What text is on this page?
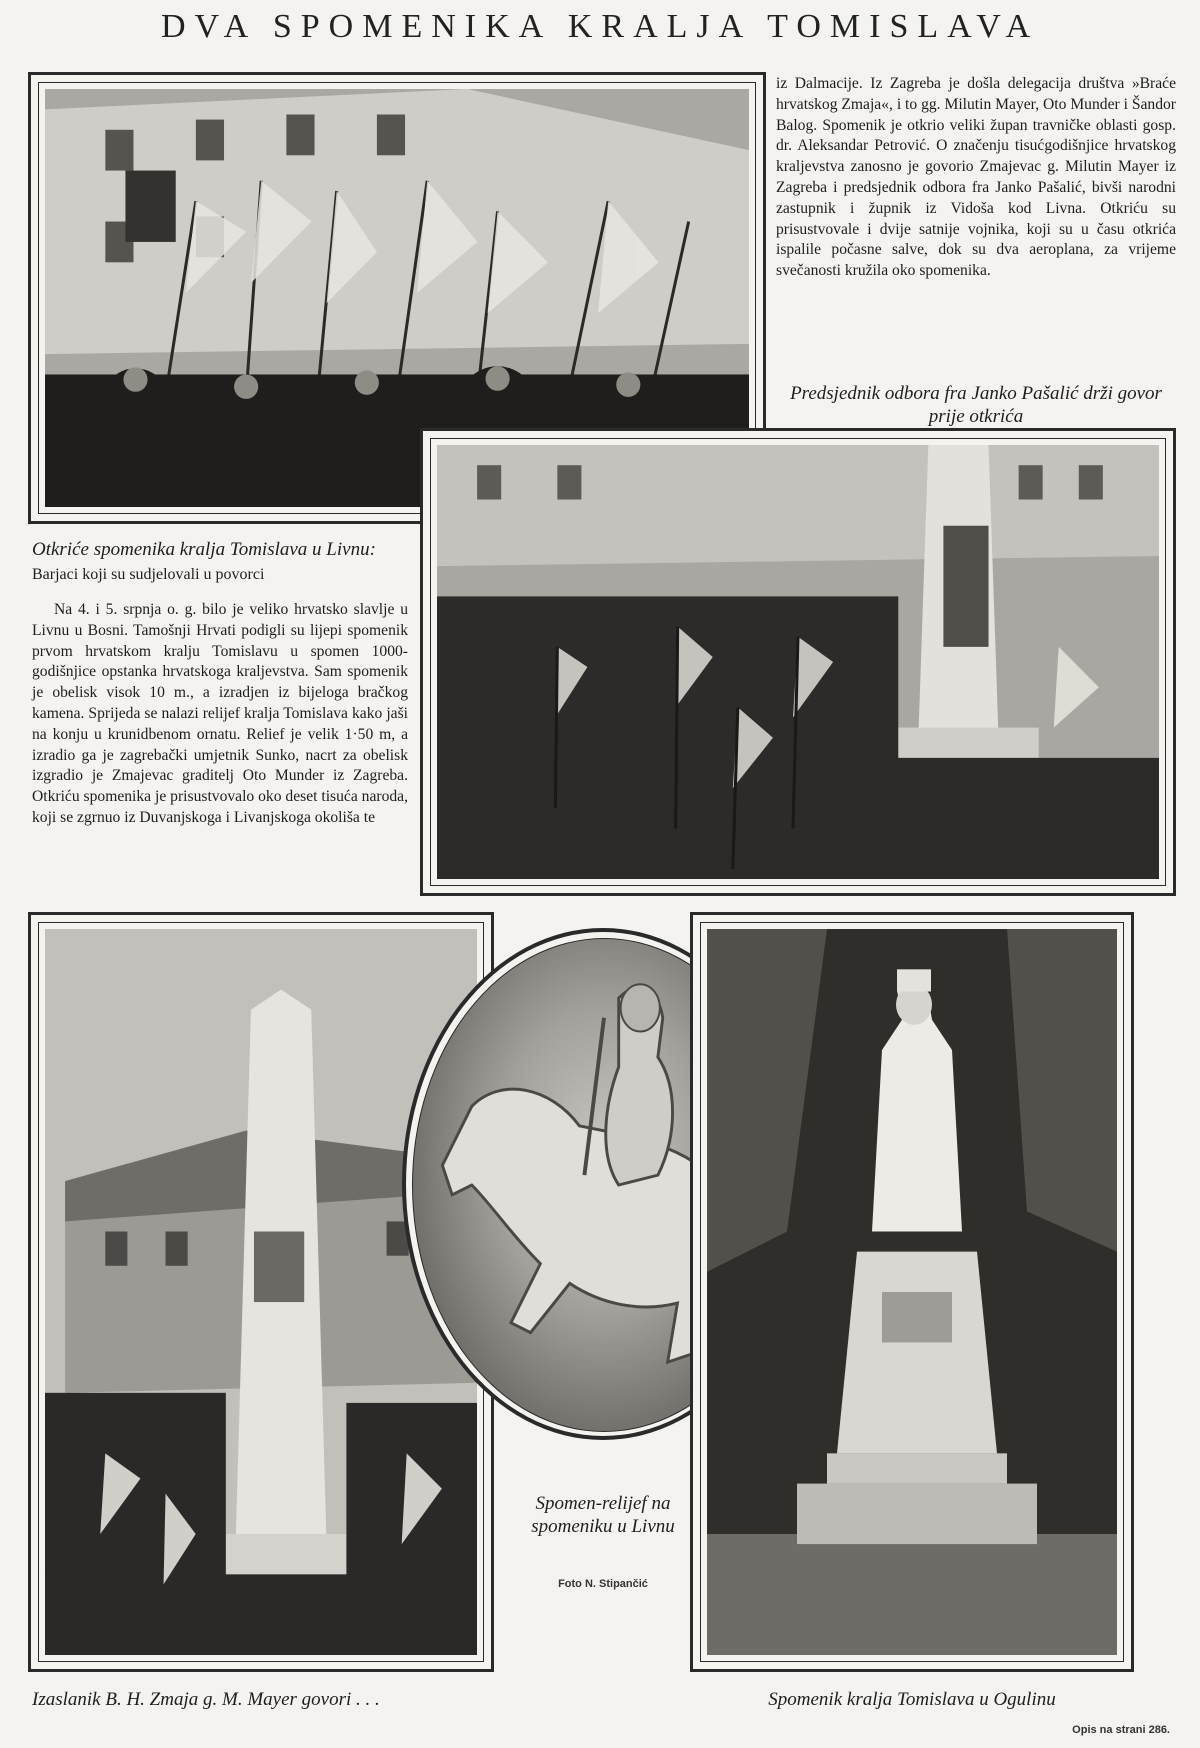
DVA SPOMENIKA KRALJA TOMISLAVA

iz Dalmacije. Iz Zagreba je došla delegacija društva »Braće hrvatskog Zmaja«, i to gg. Milutin Mayer, Oto Munder i Šandor Balog. Spomenik je otkrio veliki župan travničke oblasti gosp. dr. Aleksandar Petrović. O značenju tisućgodišnjice hrvatskog kraljevstva zanosno je govorio Zmajevac g. Milutin Mayer iz Zagreba i predsjednik odbora fra Janko Pašalić, bivši narodni zastupnik i župnik iz Vidoša kod Livna. Otkriću su prisustvovale i dvije satnije vojnika, koji su u času otkrića ispalile počasne salve, dok su dva aeroplana, za vrijeme svečanosti kružila oko spomenika.

Predsjednik odbora fra Janko Pašalić drži govor prije otkrića
Otkriće spomenika kralja Tomislava u Livnu: Barjaci koji su sudjelovali u povorci

Na 4. i 5. srpnja o. g. bilo je veliko hrvatsko slavlje u Livnu u Bosni. Tamošnji Hrvati podigli su lijepi spomenik prvom hrvatskom kralju Tomislavu u spomen 1000-godišnjice opstanka hrvatskoga kraljevstva. Sam spomenik je obelisk visok 10 m., a izradjen iz bijeloga bračkog kamena. Sprijeda se nalazi relijef kralja Tomislava kako jaši na konju u krunidbenom ornatu. Relief je velik 1·50 m, a izradio ga je zagrebački umjetnik Sunko, nacrt za obelisk izgradio je Zmajevac graditelj Oto Munder iz Zagreba. Otkriću spomenika je prisustvovalo oko deset tisuća naroda, koji se zgrnuo iz Duvanjskoga i Livanjskoga okoliša te

Spomen-relijef na spomeniku u Livnu
Foto N. Stipančić
Izaslanik B. H. Zmaja g. M. Mayer govori . . .	Spomenik kralja Tomislava u Ogulinu
Opis na strani 286.
